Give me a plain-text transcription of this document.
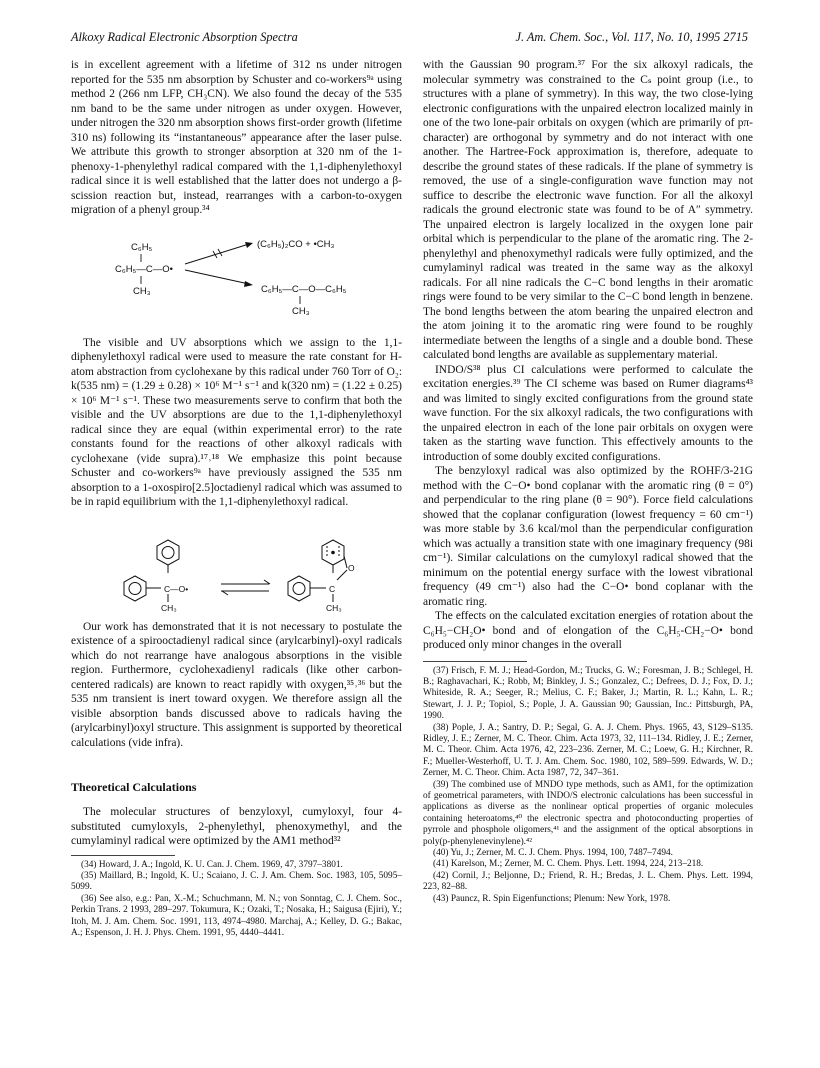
Alkoxy Radical Electronic Absorption Spectra	J. Am. Chem. Soc., Vol. 117, No. 10, 1995 2715

is in excellent agreement with a lifetime of 312 ns under nitrogen reported for the 535 nm absorption by Schuster and co-workers⁹ᵃ using method 2 (266 nm LFP, CH₃CN). We also found the decay of the 535 nm band to be the same under nitrogen as under oxygen. However, under nitrogen the 320 nm absorption shows first-order growth (lifetime 310 ns) following its “instantaneous” appearance after the laser pulse. We attribute this growth to stronger absorption at 320 nm of the 1-phenoxy-1-phenylethyl radical compared with the 1,1-diphenylethoxyl radical since it is well established that the latter does not undergo a β-scission reaction but, instead, rearranges with a carbon-to-oxygen migration of a phenyl group.³⁴

C₆H₅
C₆H₅—C—O•
CH₃
(C₆H₅)₂CO + •CH₃
C₆H₅—C—O—C₆H₅
CH₃

The visible and UV absorptions which we assign to the 1,1-diphenylethoxyl radical were used to measure the rate constant for H-atom abstraction from cyclohexane by this radical under 760 Torr of O₂: k(535 nm) = (1.29 ± 0.28) × 10⁶ M⁻¹ s⁻¹ and k(320 nm) = (1.22 ± 0.25) × 10⁶ M⁻¹ s⁻¹. These two measurements serve to confirm that both the visible and the UV absorptions are due to the 1,1-diphenylethoxyl radical since they are equal (within experimental error) to the rate constants found for the reactions of other alkoxyl radicals with cyclohexane (vide supra).¹⁷˒¹⁸ We emphasize this point because Schuster and co-workers⁹ᵃ have previously assigned the 535 nm absorption to a 1-oxospiro[2.5]octadienyl radical which was assumed to be in rapid equilibrium with the 1,1-diphenylethoxyl radical.

C—O•
CH₃
C
O
CH₃

Our work has demonstrated that it is not necessary to postulate the existence of a spirooctadienyl radical since (arylcarbinyl)-oxyl radicals which do not rearrange have analogous absorptions in the visible region. Furthermore, cyclohexadienyl radicals (like other carbon-centered radicals) are known to react rapidly with oxygen,³⁵˒³⁶ but the 535 nm transient is inert toward oxygen. We therefore assign all the visible absorption bands discussed above to radicals having the (arylcarbinyl)oxyl structure. This assignment is supported by theoretical calculations (vide infra).

Theoretical Calculations

The molecular structures of benzyloxyl, cumyloxyl, four 4-substituted cumyloxyls, 2-phenylethyl, phenoxymethyl, and the cumylaminyl radical were optimized by the AM1 method³²

(34) Howard, J. A.; Ingold, K. U. Can. J. Chem. 1969, 47, 3797–3801.

(35) Maillard, B.; Ingold, K. U.; Scaiano, J. C. J. Am. Chem. Soc. 1983, 105, 5095–5099.

(36) See also, e.g.: Pan, X.-M.; Schuchmann, M. N.; von Sonntag, C. J. Chem. Soc., Perkin Trans. 2 1993, 289–297. Tokumura, K.; Ozaki, T.; Nosaka, H.; Saigusa (Ejiri), Y.; Itoh, M. J. Am. Chem. Soc. 1991, 113, 4974–4980. Marchaj, A.; Kelley, D. G.; Bakac, A.; Espenson, J. H. J. Phys. Chem. 1991, 95, 4440–4441.

with the Gaussian 90 program.³⁷ For the six alkoxyl radicals, the molecular symmetry was constrained to the Cₛ point group (i.e., to structures with a plane of symmetry). In this way, the two close-lying electronic configurations with the unpaired electron localized mainly in one of the two lone-pair orbitals on oxygen (which are primarily of pπ-character) are orthogonal by symmetry and do not interact with one another. The Hartree-Fock approximation is, therefore, adequate to describe the ground states of these radicals. If the plane of symmetry is removed, the use of a single-configuration wave function may not suffice to describe the electronic wave function. For all the alkoxyl radicals the ground electronic state was found to be of A″ symmetry. The unpaired electron is largely localized in the oxygen lone pair orbital which is perpendicular to the plane of the aromatic ring. The 2-phenylethyl and phenoxymethyl radicals were fully optimized, and the cumylaminyl radical was treated in the same way as the alkoxyl radicals. For all nine radicals the C−C bond lengths in their aromatic rings were found to be very similar to the C−C bond length in benzene. The bond lengths between the atom bearing the unpaired electron and the atom joining it to the aromatic ring were found to be roughly intermediate between the lengths of a single and a double bond. These calculated bond lengths are available as supplementary material.

INDO/S³⁸ plus CI calculations were performed to calculate the excitation energies.³⁹ The CI scheme was based on Rumer diagrams⁴³ and was limited to singly excited configurations from the ground state wave function. For the six alkoxyl radicals, the two configurations with the unpaired electron in each of the lone pair orbitals on oxygen were taken as the starting wave function. This effectively amounts to the introduction of some doubly excited configurations.

The benzyloxyl radical was also optimized by the ROHF/3-21G method with the C−O• bond coplanar with the aromatic ring (θ = 0°) and perpendicular to the ring plane (θ = 90°). Force field calculations showed that the coplanar configuration (lowest frequency = 60 cm⁻¹) was more stable by 3.6 kcal/mol than the perpendicular configuration which was actually a transition state with one imaginary frequency (98i cm⁻¹). Similar calculations on the cumyloxyl radical showed that the minimum on the potential energy surface with the lowest vibrational frequency (49 cm⁻¹) also had the C−O• bond coplanar with the aromatic ring.

The effects on the calculated excitation energies of rotation about the C₆H₅−CH₂O• bond and of elongation of the C₆H₅-CH₂−O• bond produced only minor changes in the overall

(37) Frisch, F. M. J.; Head-Gordon, M.; Trucks, G. W.; Foresman, J. B.; Schlegel, H. B.; Raghavachari, K.; Robb, M; Binkley, J. S.; Gonzalez, C.; Defrees, D. J.; Fox, D. J.; Whiteside, R. A.; Seeger, R.; Melius, C. F.; Baker, J.; Martin, R. L.; Kahn, L. R.; Stewart, J. J. P.; Topiol, S.; Pople, J. A. Gaussian 90; Gaussian, Inc.: Pittsburgh, PA, 1990.

(38) Pople, J. A.; Santry, D. P.; Segal, G. A. J. Chem. Phys. 1965, 43, S129–S135. Ridley, J. E.; Zerner, M. C. Theor. Chim. Acta 1973, 32, 111–134. Ridley, J. E.; Zerner, M. C. Theor. Chim. Acta 1976, 42, 223–236. Zerner, M. C.; Loew, G. H.; Kirchner, R. F.; Mueller-Westerhoff, U. T. J. Am. Chem. Soc. 1980, 102, 589–599. Edwards, W. D.; Zerner, M. C. Theor. Chim. Acta 1987, 72, 347–361.

(39) The combined use of MNDO type methods, such as AM1, for the optimization of geometrical parameters, with INDO/S electronic calculations has been successful in applications as diverse as the nonlinear optical properties of organic molecules containing heteroatoms,⁴⁰ the electronic spectra and photoconducting properties of pyrrole and phosphole oligomers,⁴¹ and the assignment of the optical absorptions in poly(p-phenylenevinylene).⁴²

(40) Yu, J.; Zerner, M. C. J. Chem. Phys. 1994, 100, 7487–7494.

(41) Karelson, M.; Zerner, M. C. Chem. Phys. Lett. 1994, 224, 213–218.

(42) Cornil, J.; Beljonne, D.; Friend, R. H.; Bredas, J. L. Chem. Phys. Lett. 1994, 223, 82–88.

(43) Pauncz, R. Spin Eigenfunctions; Plenum: New York, 1978.
